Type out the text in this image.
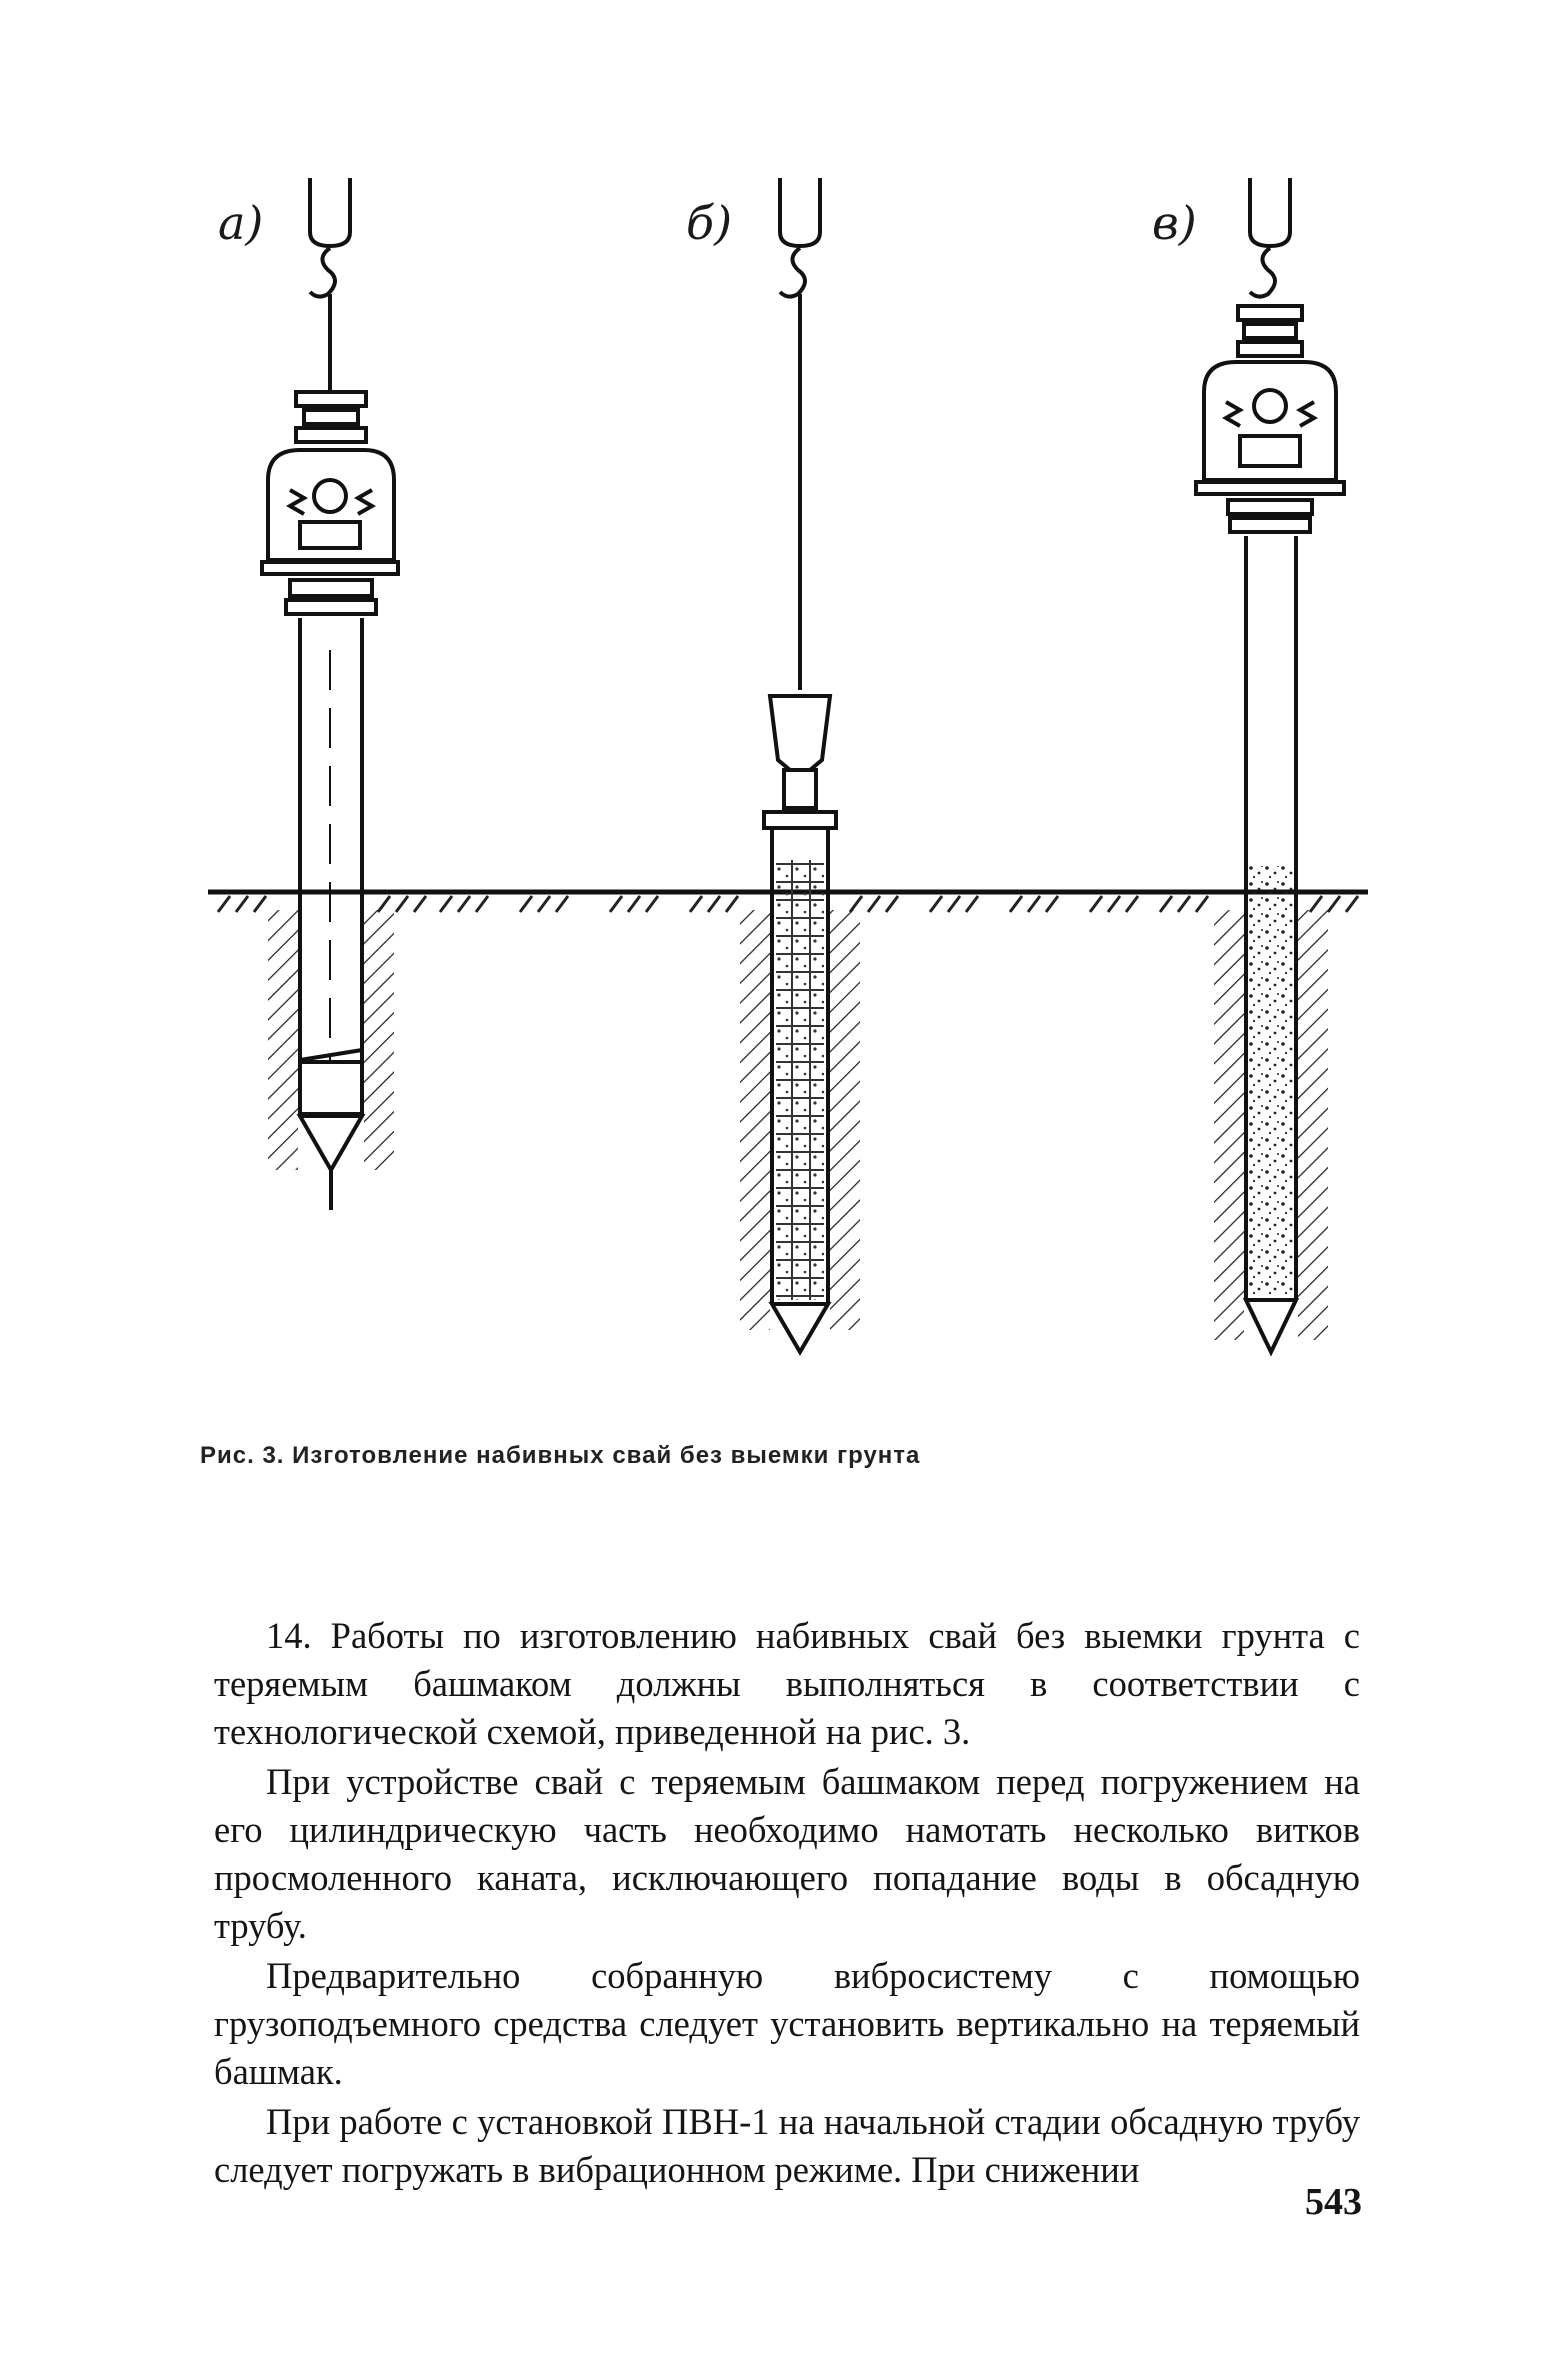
а)	б)	в)
Рис. 3. Изготовление набивных свай без выемки грунта

14. Работы по изготовлению набивных свай без выемки грунта с теряемым башмаком должны выполняться в соответствии с технологической схемой, приведенной на рис. 3.

При устройстве свай с теряемым башмаком перед погружением на его цилиндрическую часть необходимо намотать несколько витков просмоленного каната, исключающего попадание воды в обсадную трубу.

Предварительно собранную вибросистему с помощью грузоподъемного средства следует установить вертикально на теряемый башмак.

При работе с установкой ПВН-1 на начальной стадии обсадную трубу следует погружать в вибрационном режиме. При снижении

543
